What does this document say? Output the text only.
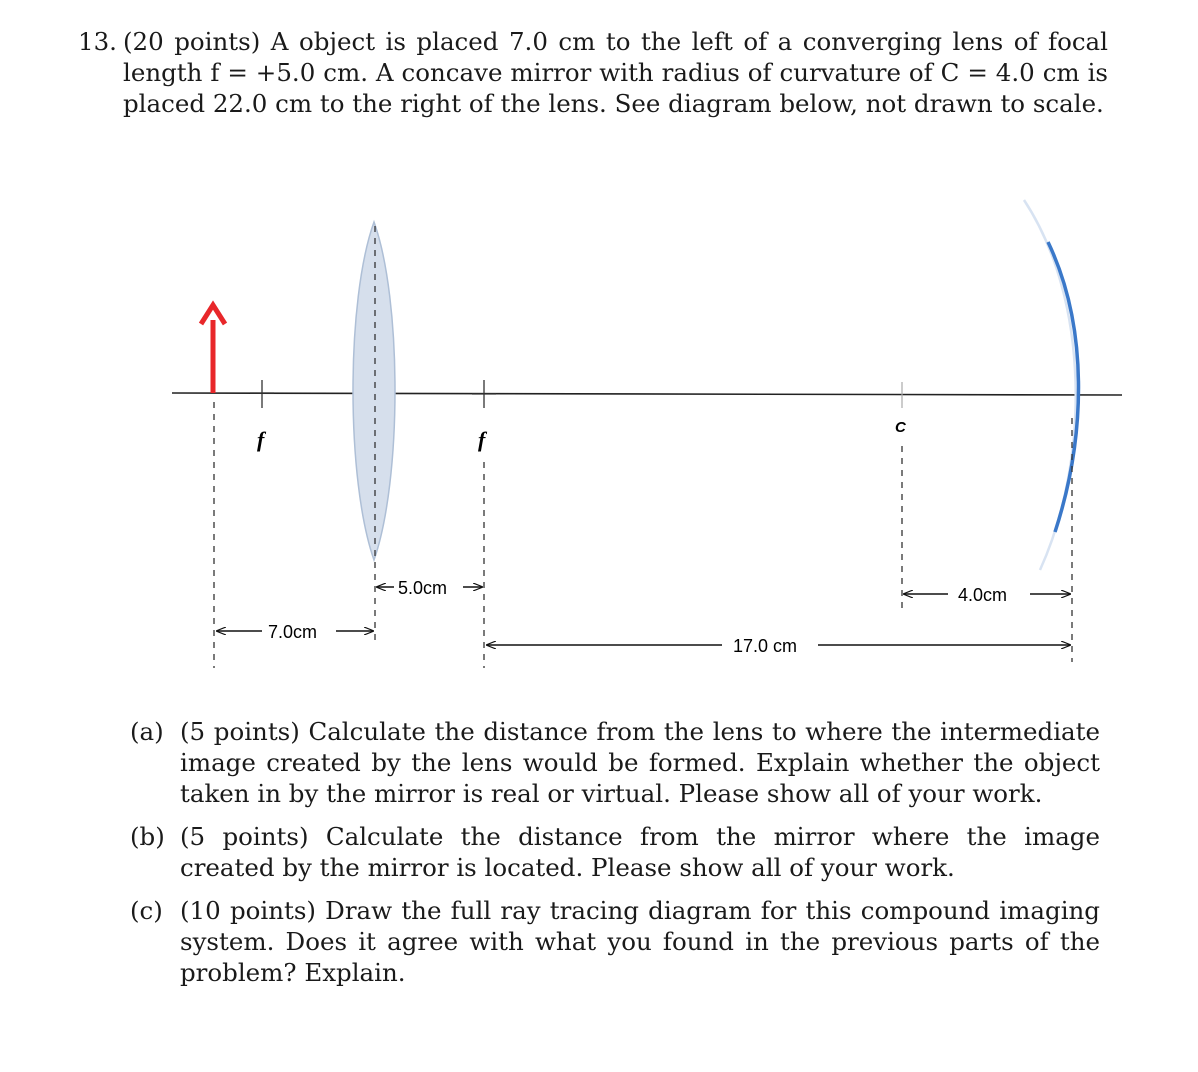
13. (20 points) A object is placed 7.0 cm to the left of a converging lens of focal length f = +5.0 cm. A concave mirror with radius of curvature of C = 4.0 cm is placed 22.0 cm to the right of the lens. See diagram below, not drawn to scale.
f	f	C
5.0cm
7.0cm
4.0cm
17.0 cm
(a) (5 points) Calculate the distance from the lens to where the intermediate image created by the lens would be formed. Explain whether the object taken in by the mirror is real or virtual. Please show all of your work.
(b) (5 points) Calculate the distance from the mirror where the image created by the mirror is located. Please show all of your work.
(c) (10 points) Draw the full ray tracing diagram for this compound imaging system. Does it agree with what you found in the previous parts of the problem? Explain.
